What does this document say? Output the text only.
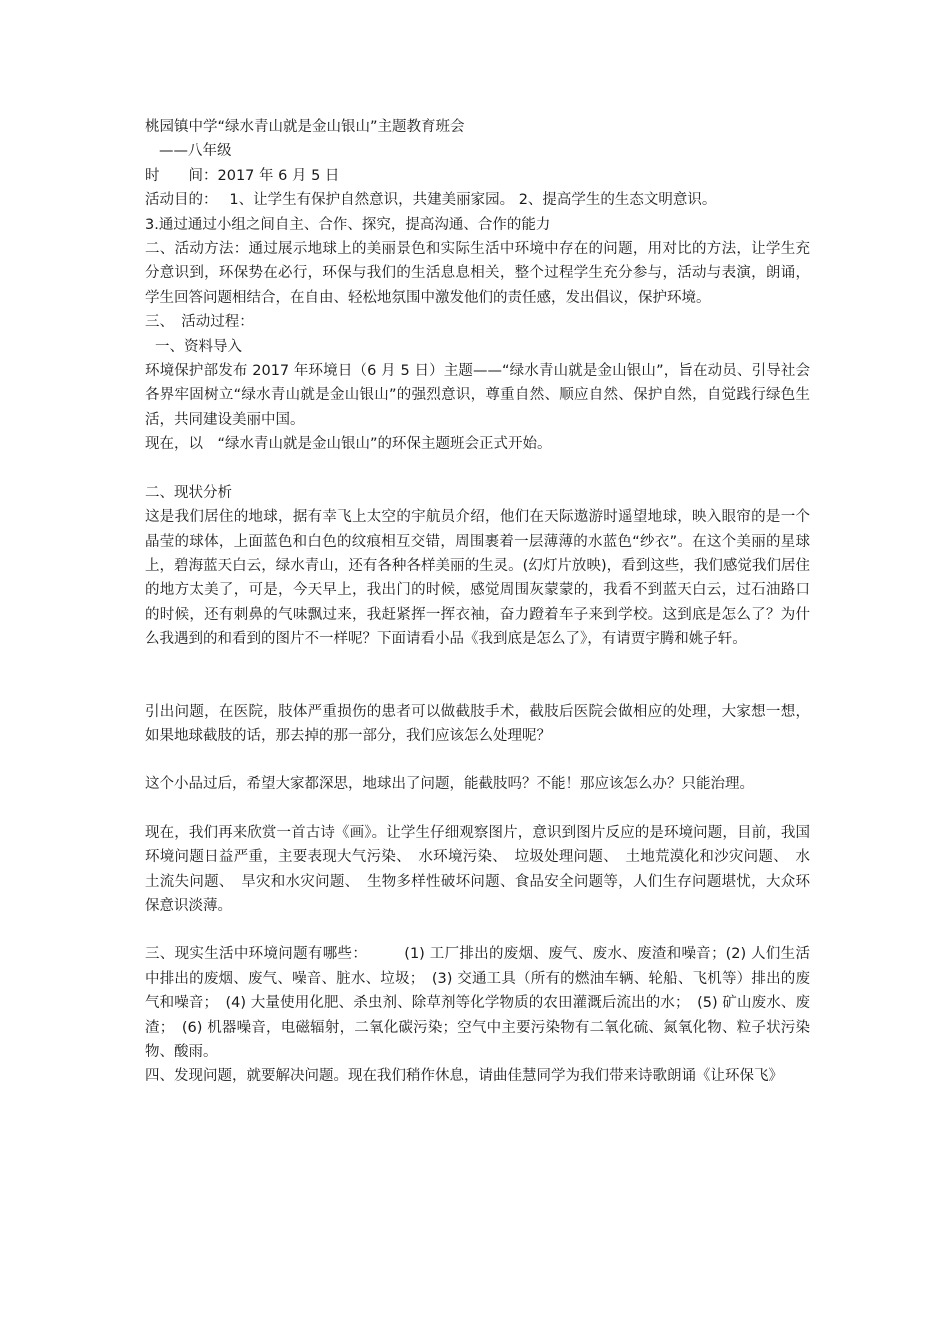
桃园镇中学“绿水青山就是金山银山”主题教育班会

——八年级

时　　间：2017 年 6 月 5 日

活动目的：　 1、让学生有保护自然意识，共建美丽家园。 2、提高学生的生态文明意识。

3.通过通过小组之间自主、合作、探究，提高沟通、合作的能力

二、活动方法：通过展示地球上的美丽景色和实际生活中环境中存在的问题，用对比的方法，让学生充分意识到，环保势在必行，环保与我们的生活息息相关，整个过程学生充分参与，活动与表演，朗诵，学生回答问题相结合，在自由、轻松地氛围中激发他们的责任感，发出倡议，保护环境。

三、　活动过程：

一、资料导入

环境保护部发布 2017 年环境日（6 月 5 日）主题——“绿水青山就是金山银山”，旨在动员、引导社会各界牢固树立“绿水青山就是金山银山”的强烈意识，尊重自然、顺应自然、保护自然，自觉践行绿色生活，共同建设美丽中国。

现在，以　“绿水青山就是金山银山”的环保主题班会正式开始。

二、现状分析

这是我们居住的地球，据有幸飞上太空的宇航员介绍，他们在天际遨游时遥望地球，映入眼帘的是一个晶莹的球体，上面蓝色和白色的纹痕相互交错，周围裹着一层薄薄的水蓝色“纱衣”。在这个美丽的星球上，碧海蓝天白云，绿水青山，还有各种各样美丽的生灵。(幻灯片放映)，看到这些，我们感觉我们居住的地方太美了，可是，今天早上，我出门的时候，感觉周围灰蒙蒙的，我看不到蓝天白云，过石油路口的时候，还有刺鼻的气味飘过来，我赶紧挥一挥衣袖，奋力蹬着车子来到学校。这到底是怎么了？为什么我遇到的和看到的图片不一样呢？下面请看小品《我到底是怎么了》，有请贾宇腾和姚子轩。

引出问题，在医院，肢体严重损伤的患者可以做截肢手术，截肢后医院会做相应的处理，大家想一想，如果地球截肢的话，那去掉的那一部分，我们应该怎么处理呢？

这个小品过后，希望大家都深思，地球出了问题，能截肢吗？不能！那应该怎么办？只能治理。

现在，我们再来欣赏一首古诗《画》。让学生仔细观察图片，意识到图片反应的是环境问题，目前，我国环境问题日益严重，主要表现大气污染、　水环境污染、　垃圾处理问题、　土地荒漠化和沙灾问题、　水土流失问题、　旱灾和水灾问题、　生物多样性破坏问题、食品安全问题等，人们生存问题堪忧，大众环保意识淡薄。

三、现实生活中环境问题有哪些：　　　(1) 工厂排出的废烟、废气、废水、废渣和噪音；(2) 人们生活中排出的废烟、废气、噪音、脏水、垃圾；　(3) 交通工具（所有的燃油车辆、轮船、飞机等）排出的废气和噪音；　(4) 大量使用化肥、杀虫剂、除草剂等化学物质的农田灌溉后流出的水；　(5) 矿山废水、废渣；　(6) 机器噪音，电磁辐射，二氧化碳污染；空气中主要污染物有二氧化硫、氮氧化物、粒子状污染物、酸雨。

四、发现问题，就要解决问题。现在我们稍作休息，请曲佳慧同学为我们带来诗歌朗诵《让环保飞》
